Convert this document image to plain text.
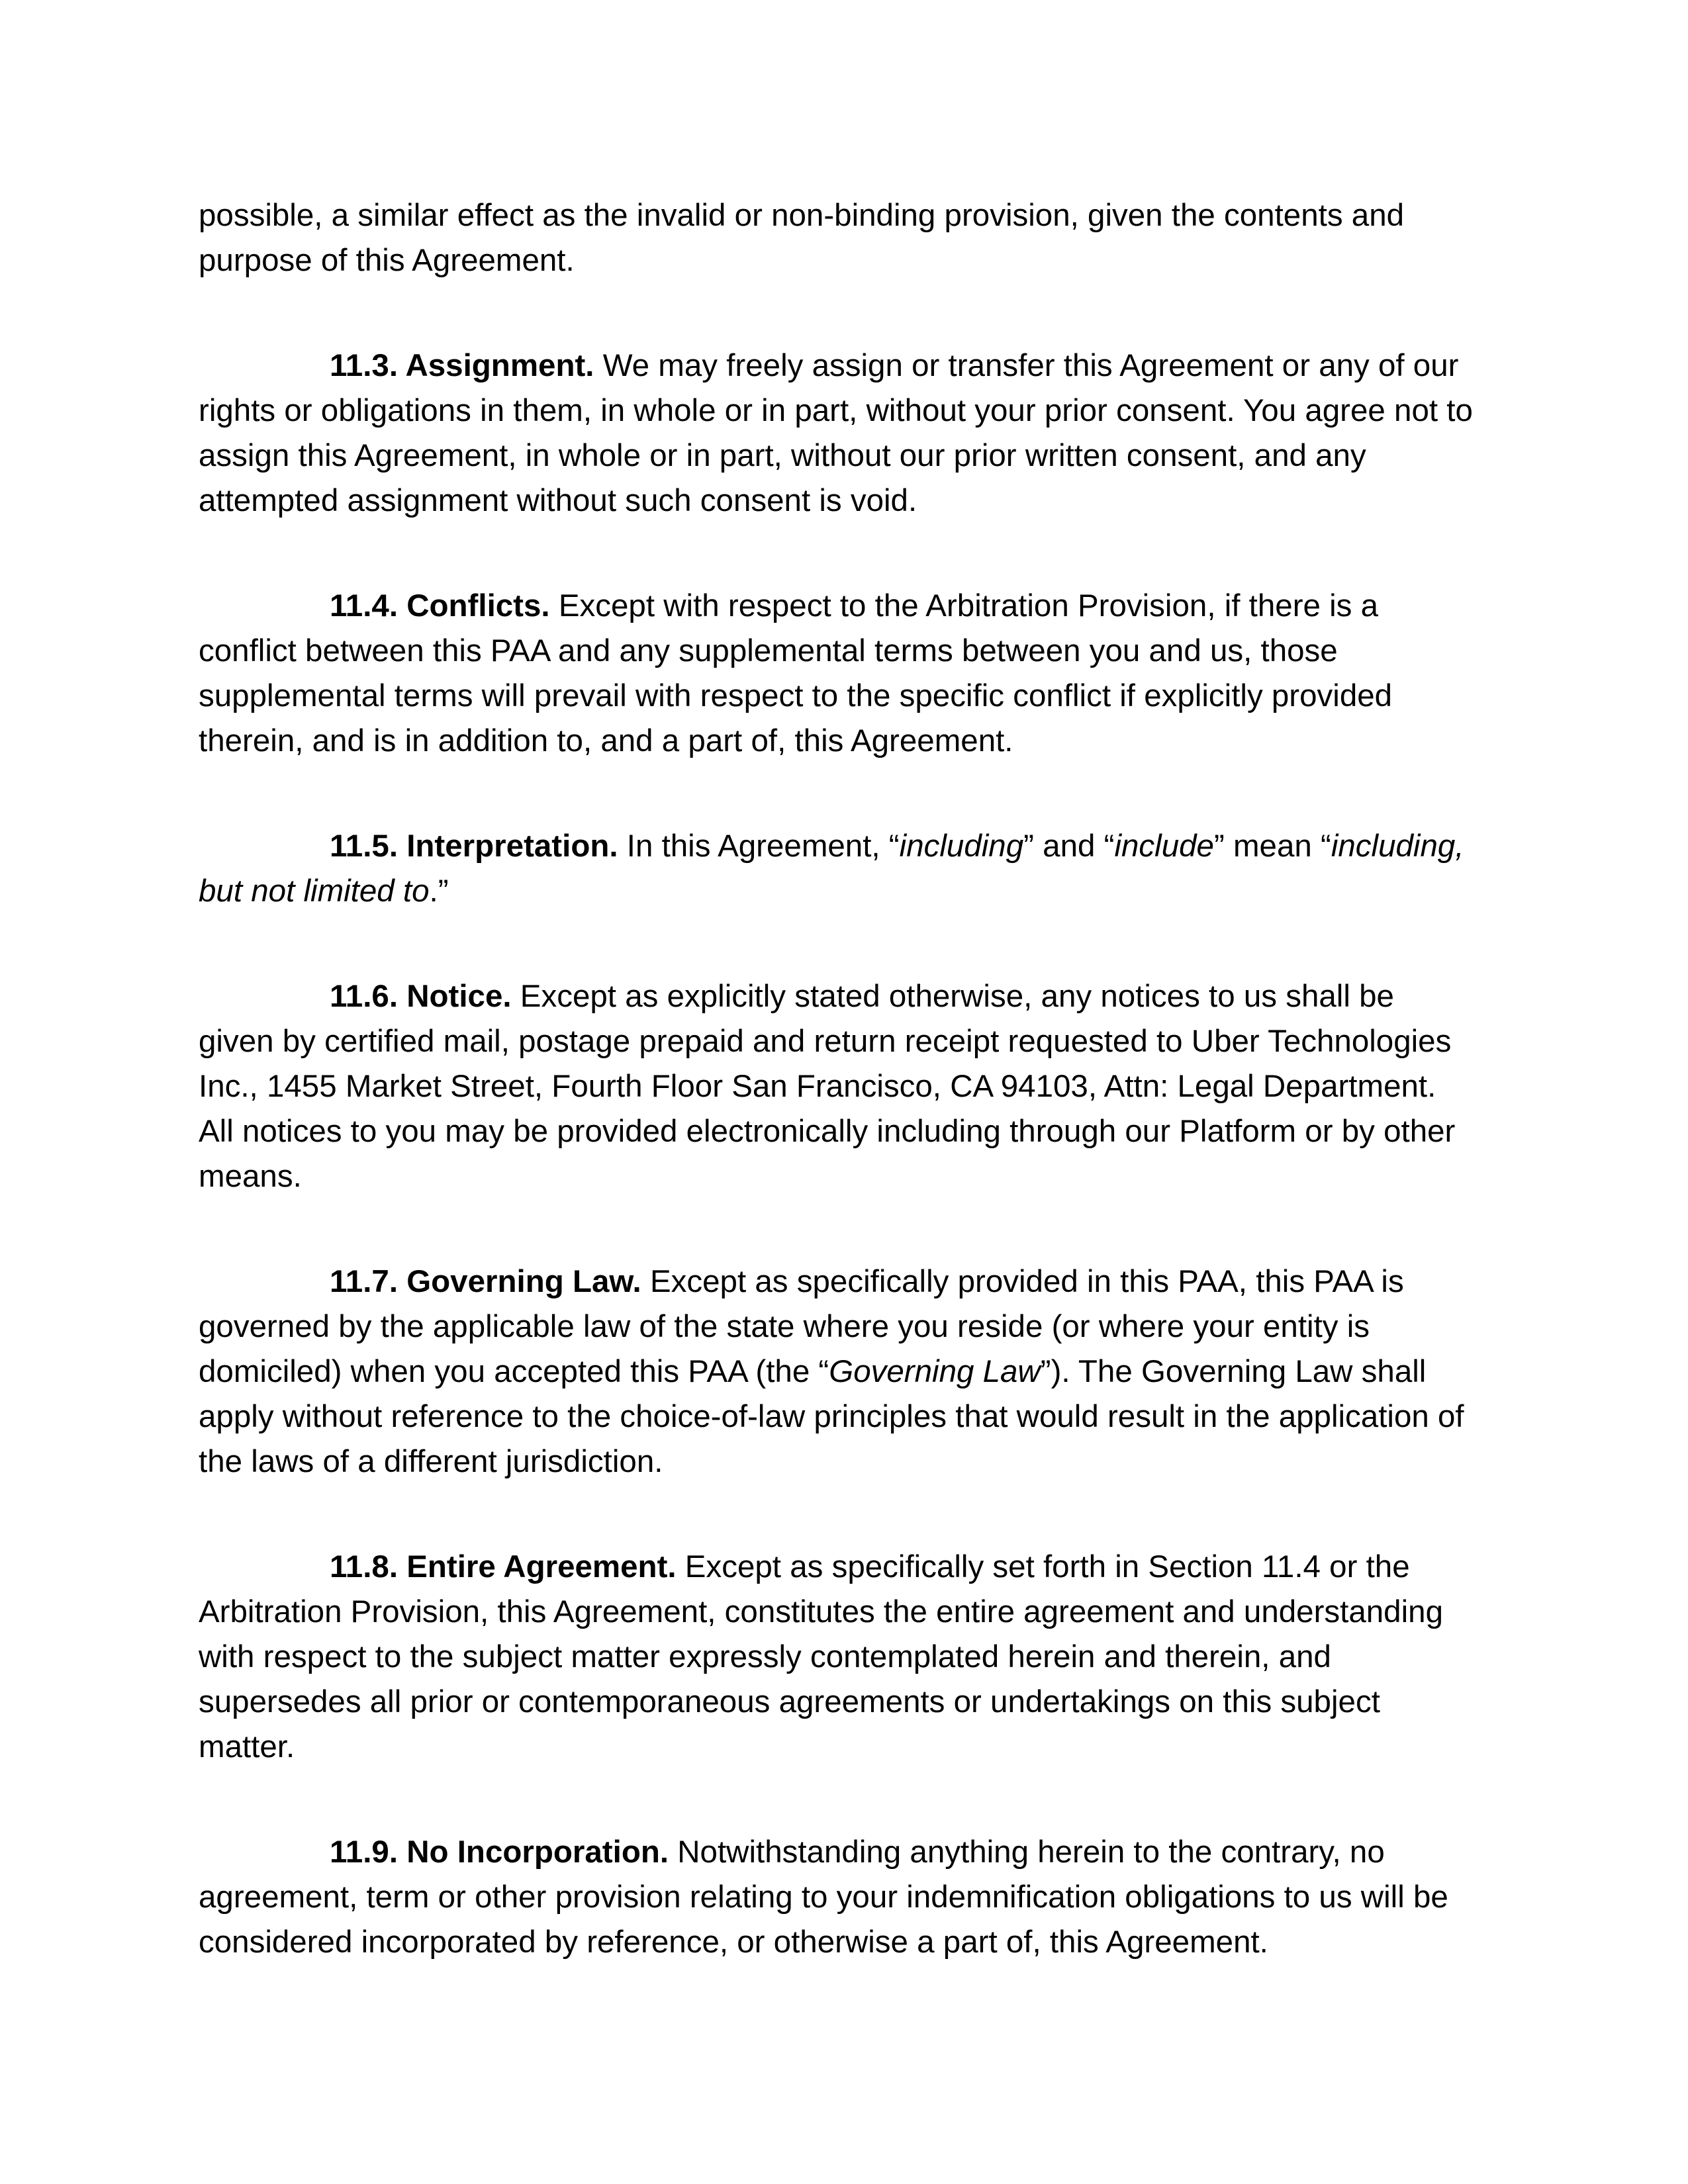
possible, a similar effect as the invalid or non-binding provision, given the contents and purpose of this Agreement.

11.3. Assignment. We may freely assign or transfer this Agreement or any of our rights or obligations in them, in whole or in part, without your prior consent. You agree not to assign this Agreement, in whole or in part, without our prior written consent, and any attempted assignment without such consent is void.

11.4. Conflicts. Except with respect to the Arbitration Provision, if there is a conflict between this PAA and any supplemental terms between you and us, those supplemental terms will prevail with respect to the specific conflict if explicitly provided therein, and is in addition to, and a part of, this Agreement.

11.5. Interpretation. In this Agreement, “including” and “include” mean “including, but not limited to.”

11.6. Notice. Except as explicitly stated otherwise, any notices to us shall be given by certified mail, postage prepaid and return receipt requested to Uber Technologies Inc., 1455 Market Street, Fourth Floor San Francisco, CA 94103, Attn: Legal Department. All notices to you may be provided electronically including through our Platform or by other means.

11.7. Governing Law. Except as specifically provided in this PAA, this PAA is governed by the applicable law of the state where you reside (or where your entity is domiciled) when you accepted this PAA (the “Governing Law”). The Governing Law shall apply without reference to the choice-of-law principles that would result in the application of the laws of a different jurisdiction.

11.8. Entire Agreement. Except as specifically set forth in Section 11.4 or the Arbitration Provision, this Agreement, constitutes the entire agreement and understanding with respect to the subject matter expressly contemplated herein and therein, and supersedes all prior or contemporaneous agreements or undertakings on this subject matter.

11.9. No Incorporation. Notwithstanding anything herein to the contrary, no agreement, term or other provision relating to your indemnification obligations to us will be considered incorporated by reference, or otherwise a part of, this Agreement.
